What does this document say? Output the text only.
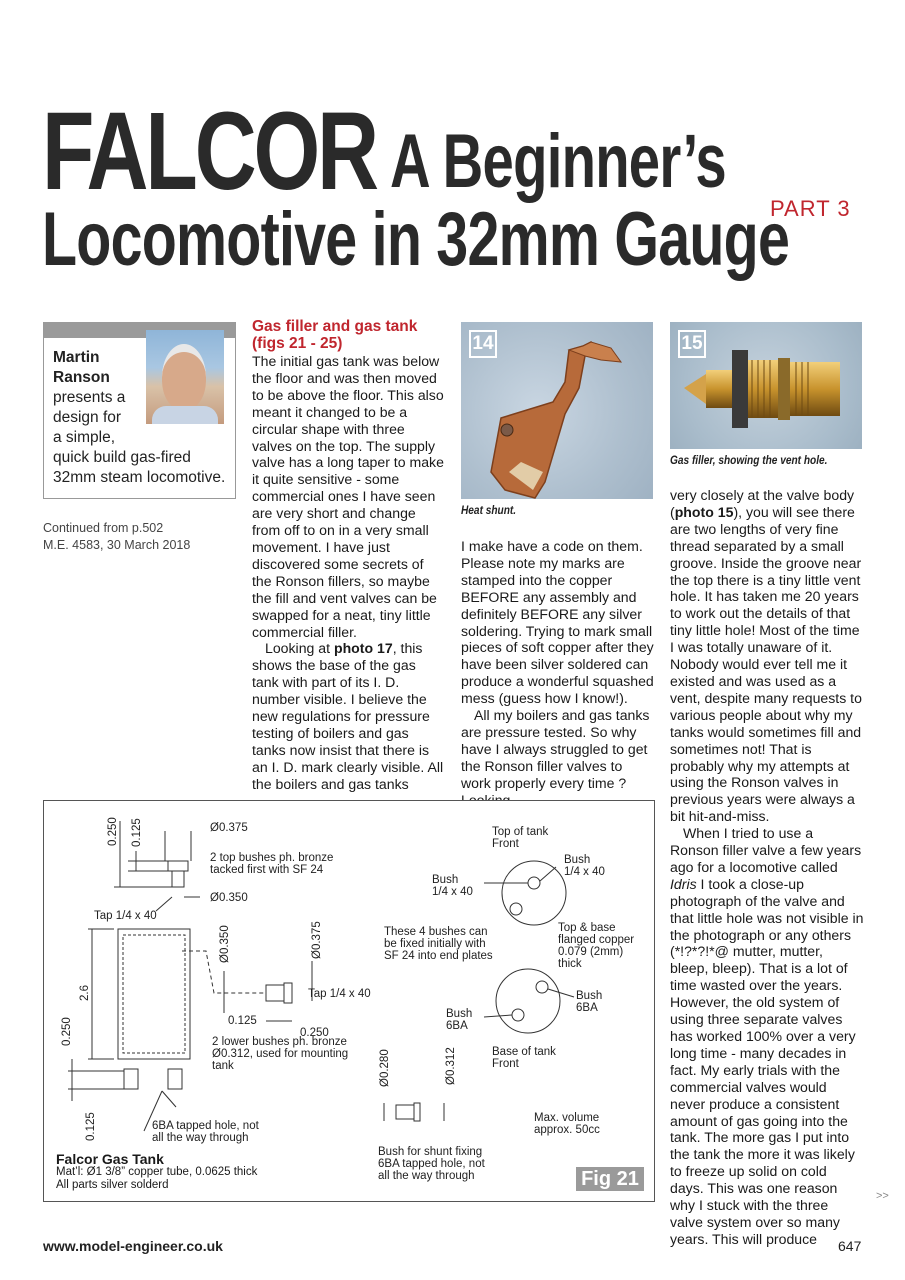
FALCOR A Beginner’s
Locomotive in 32mm Gauge
PART 3
Martin
Ranson
presents a
design for
a simple,
quick build gas-fired
32mm steam locomotive.
Continued from p.502
M.E. 4583, 30 March 2018
Gas filler and gas tank
(figs 21 - 25)

The initial gas tank was below the floor and was then moved to be above the floor. This also meant it changed to be a circular shape with three valves on the top. The supply valve has a long taper to make it quite sensitive - some commercial ones I have seen are very short and change from off to on in a very small movement. I have just discovered some secrets of the Ronson fillers, so maybe the fill and vent valves can be swapped for a neat, tiny little commercial filler.

Looking at photo 17, this shows the base of the gas tank with part of its I. D. number visible. I believe the new regulations for pressure testing of boilers and gas tanks now insist that there is an I. D. mark clearly visible. All the boilers and gas tanks

14
Heat shunt.
15
Gas filler, showing the vent hole.

I make have a code on them. Please note my marks are stamped into the copper BEFORE any assembly and definitely BEFORE any silver soldering. Trying to mark small pieces of soft copper after they have been silver soldered can produce a wonderful squashed mess (guess how I know!).

All my boilers and gas tanks are pressure tested. So why have I always struggled to get the Ronson filler valves to work properly every time ?

very closely at the valve body (photo 15), you will see there are two lengths of very fine thread separated by a small groove. Inside the groove near the top there is a tiny little vent hole. It has taken me 20 years to work out the details of that tiny little hole! Most of the time I was totally unaware of it. Nobody would ever tell me it existed and was used as a vent, despite many requests to various people about why my tanks would sometimes fill and sometimes not! That is probably why my attempts at using the Ronson valves in previous years were always a bit hit-and-miss.

When I tried to use a Ronson filler valve a few years ago for a locomotive called Idris I took a close-up photograph of the valve and that little hole was not visible in the photograph or any others (*!?*?!*@ mutter, mutter, bleep, bleep). That is a lot of time wasted over the years. However, the old system of using three separate valves has worked 100% over a very long time - many decades in fact. My early trials with the commercial valves would never produce a consistent amount of gas going into the tank. The more gas I put into the tank the more it was likely to freeze up solid on cold days. This was one reason why I stuck with the three valve system over so many years. This will produce

0.250 0.125	Ø0.375
Ø0.350
Tap 1/4 x 40
2.6
0.250
0.125
Ø0.350	Ø0.375
Tap 1/4 x 40
0.125
0.250
Ø0.280	Ø0.312
2 top bushes ph. bronze
tacked first with SF 24
These 4 bushes can
be fixed initially with
SF 24 into end plates
2 lower bushes ph. bronze
Ø0.312, used for mounting
tank
6BA tapped hole, not
all the way through
Bush for shunt fixing
6BA tapped hole, not
all the way through
Top of tank
Front
Bush
1/4 x 40
Bush
1/4 x 40
Top & base
flanged copper
0.079 (2mm)
thick
Bush
6BA
Bush
6BA
Base of tank
Front
Max. volume
approx. 50cc
Falcor Gas Tank
Mat’l: Ø1 3/8” copper tube, 0.0625 thick
All parts silver solderd	Fig 21
>>
www.model-engineer.co.uk	647
